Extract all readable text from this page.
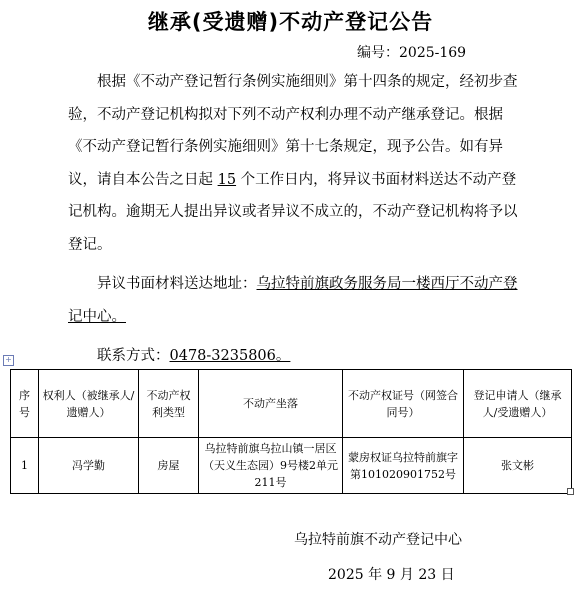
继承(受遗赠)不动产登记公告
编号：2025-169

根据《不动产登记暂行条例实施细则》第十四条的规定，经初步查验，不动产登记机构拟对下列不动产权利办理不动产继承登记。根据《不动产登记暂行条例实施细则》第十七条规定，现予公告。如有异议，请自本公告之日起 15 个工作日内，将异议书面材料送达不动产登记机构。逾期无人提出异议或者异议不成立的，不动产登记机构将予以登记。

异议书面材料送达地址：乌拉特前旗政务服务局一楼西厅不动产登记中心。

联系方式：0478-3235806。

+
序号	权利人（被继承人/遗赠人）	不动产权利类型	不动产坐落	不动产权证号（网签合同号）	登记申请人（继承人/受遗赠人）
1	冯学勤	房屋	乌拉特前旗乌拉山镇一居区（天义生态园）9号楼2单元211号	蒙房权证乌拉特前旗字第101020901752号	张文彬
乌拉特前旗不动产登记中心
2025 年 9 月 23 日
